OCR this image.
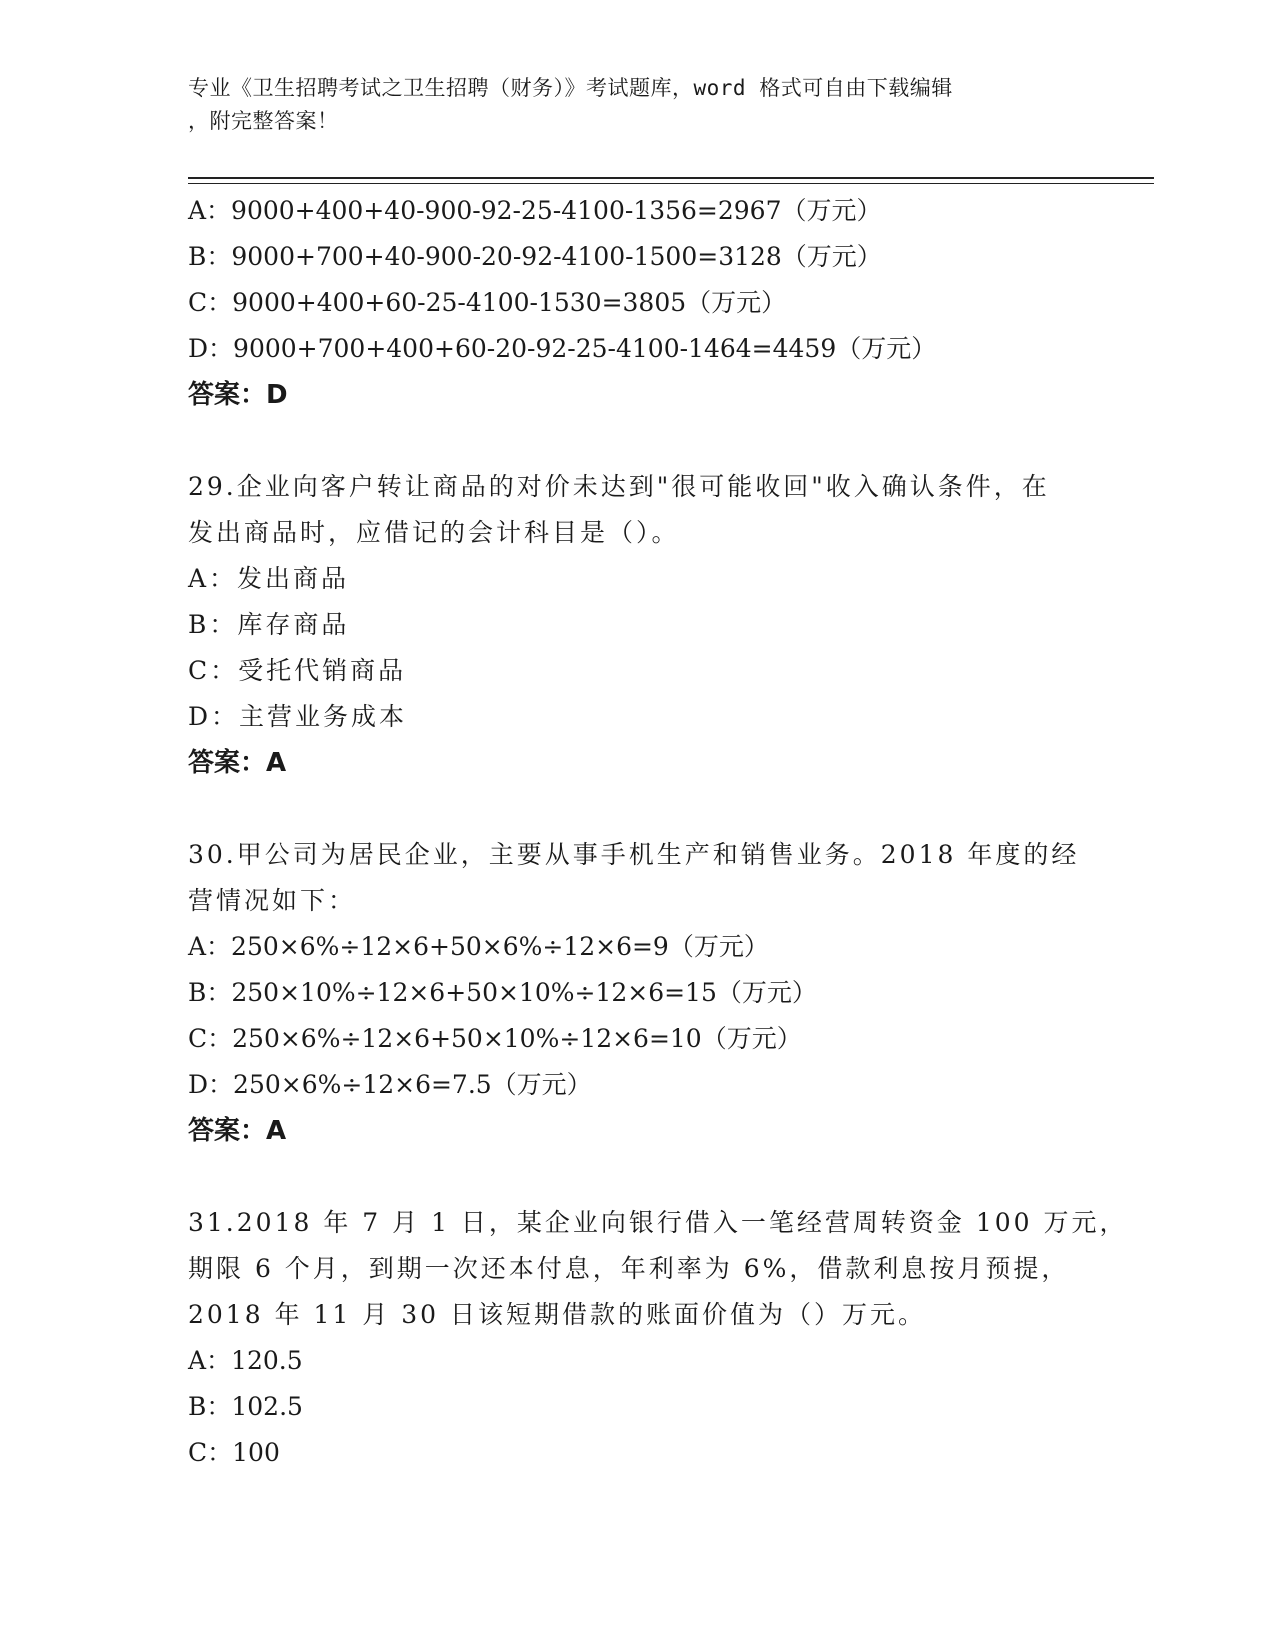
专业《卫生招聘考试之卫生招聘（财务）》考试题库，word 格式可自由下载编辑
，附完整答案！
A：9000+400+40-900-92-25-4100-1356=2967（万元）
B：9000+700+40-900-20-92-4100-1500=3128（万元）
C：9000+400+60-25-4100-1530=3805（万元）
D：9000+700+400+60-20-92-25-4100-1464=4459（万元）
答案：D
29.企业向客户转让商品的对价未达到"很可能收回"收入确认条件，在
发出商品时，应借记的会计科目是（）。
A：发出商品
B：库存商品
C：受托代销商品
D：主营业务成本
答案：A
30.甲公司为居民企业，主要从事手机生产和销售业务。2018 年度的经
营情况如下：
A：250×6%÷12×6+50×6%÷12×6=9（万元）
B：250×10%÷12×6+50×10%÷12×6=15（万元）
C：250×6%÷12×6+50×10%÷12×6=10（万元）
D：250×6%÷12×6=7.5（万元）
答案：A
31.2018 年 7 月 1 日，某企业向银行借入一笔经营周转资金 100 万元，
期限 6 个月，到期一次还本付息，年利率为 6%，借款利息按月预提，
2018 年 11 月 30 日该短期借款的账面价值为（）万元。
A：120.5
B：102.5
C：100
